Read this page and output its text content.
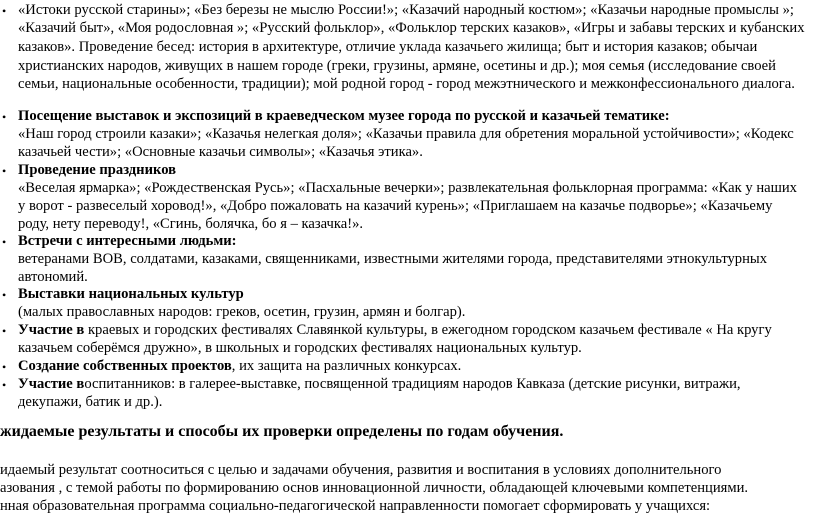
• «Истоки русской старины»; «Без березы не мыслю России!»; «Казачий народный костюм»; «Казачьи народные промыслы »;
«Казачий быт», «Моя родословная »; «Русский фольклор», «Фольклор терских казаков», «Игры и забавы терских и кубанских
казаков». Проведение бесед: история в архитектуре, отличие уклада казачьего жилища; быт и история казаков; обычаи
христианских народов, живущих в нашем городе (греки, грузины, армяне, осетины и др.); моя семья (исследование своей
семьи, национальные особенности, традиции); мой родной город - город межэтнического и межконфессионального диалога.
• Посещение выставок и экспозиций в краеведческом музее города по русской и казачьей тематике:
«Наш город строили казаки»; «Казачья нелегкая доля»; «Казачьи правила для обретения моральной устойчивости»; «Кодекс
казачьей чести»; «Основные казачьи символы»; «Казачья этика».
• Проведение праздников
«Веселая ярмарка»; «Рождественская Русь»; «Пасхальные вечерки»; развлекательная фольклорная программа: «Как у наших
у ворот - развеселый хоровод!», «Добро пожаловать на казачий курень»; «Приглашаем на казачье подворье»; «Казачьему
роду, нету переводу!, «Сгинь, болячка, бо я – казачка!».
• Встречи с интересными людьми:
ветеранами ВОВ, солдатами, казаками, священниками, известными жителями города, представителями этнокультурных
автономий.
• Выставки национальных культур
(малых православных народов: греков, осетин, грузин, армян и болгар).
• Участие в краевых и городских фестивалях Славянкой культуры, в ежегодном городском казачьем фестивале « На кругу
казачьем соберёмся дружно», в школьных и городских фестивалях национальных культур.
• Создание собственных проектов, их защита на различных конкурсах.
• Участие воспитанников: в галерее-выставке, посвященной традициям народов Кавказа (детские рисунки, витражи,
декупажи, батик и др.).
жидаемые результаты и способы их проверки определены по годам обучения.
идаемый результат соотноситься с целью и задачами обучения, развития и воспитания в условиях дополнительного
азования , с темой работы по формированию основ инновационной личности, обладающей ключевыми компетенциями.
нная образовательная программа социально-педагогической направленности помогает сформировать у учащихся:
